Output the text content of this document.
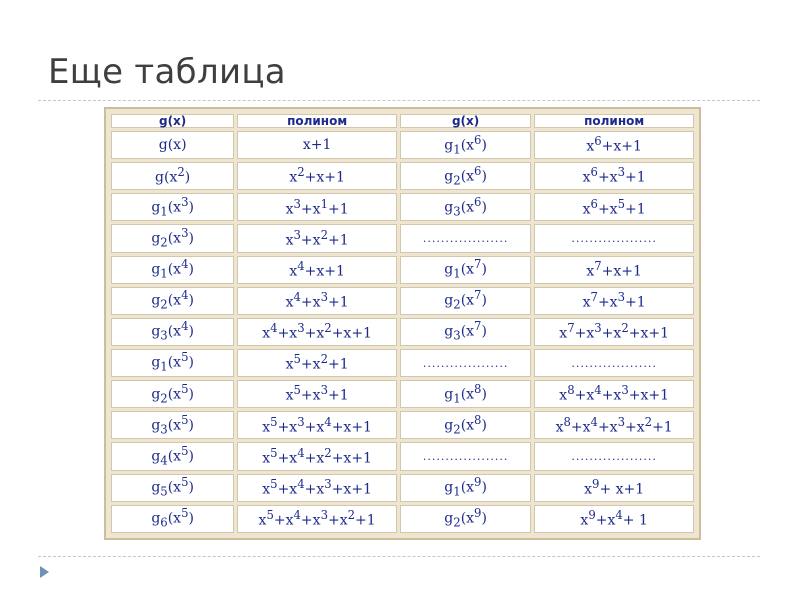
Еще таблица
g(x)	полином	g(x)	полином
g(x)	x+1	$g_1(x^6)$	$x^6+x+1$
$g(x^2)$	$x^2+x+1$	$g_2(x^6)$	$x^6+x^3+1$
$g_1(x^3)$	$x^3+x^1+1$	$g_3(x^6)$	$x^6+x^5+1$
$g_2(x^3)$	$x^3+x^2+1$	...................	...................
$g_1(x^4)$	$x^4+x+1$	$g_1(x^7)$	$x^7+x+1$
$g_2(x^4)$	$x^4+x^3+1$	$g_2(x^7)$	$x^7+x^3+1$
$g_3(x^4)$	$x^4+x^3+x^2+x+1$	$g_3(x^7)$	$x^7+x^3+x^2+x+1$
$g_1(x^5)$	$x^5+x^2+1$	...................	...................
$g_2(x^5)$	$x^5+x^3+1$	$g_1(x^8)$	$x^8+x^4+x^3+x+1$
$g_3(x^5)$	$x^5+x^3+x^4+x+1$	$g_2(x^8)$	$x^8+x^4+x^3+x^2+1$
$g_4(x^5)$	$x^5+x^4+x^2+x+1$	...................	...................
$g_5(x^5)$	$x^5+x^4+x^3+x+1$	$g_1(x^9)$	$x^9+ x+1$
$g_6(x^5)$	$x^5+x^4+x^3+x^2+1$	$g_2(x^9)$	$x^9+x^4+ 1$
